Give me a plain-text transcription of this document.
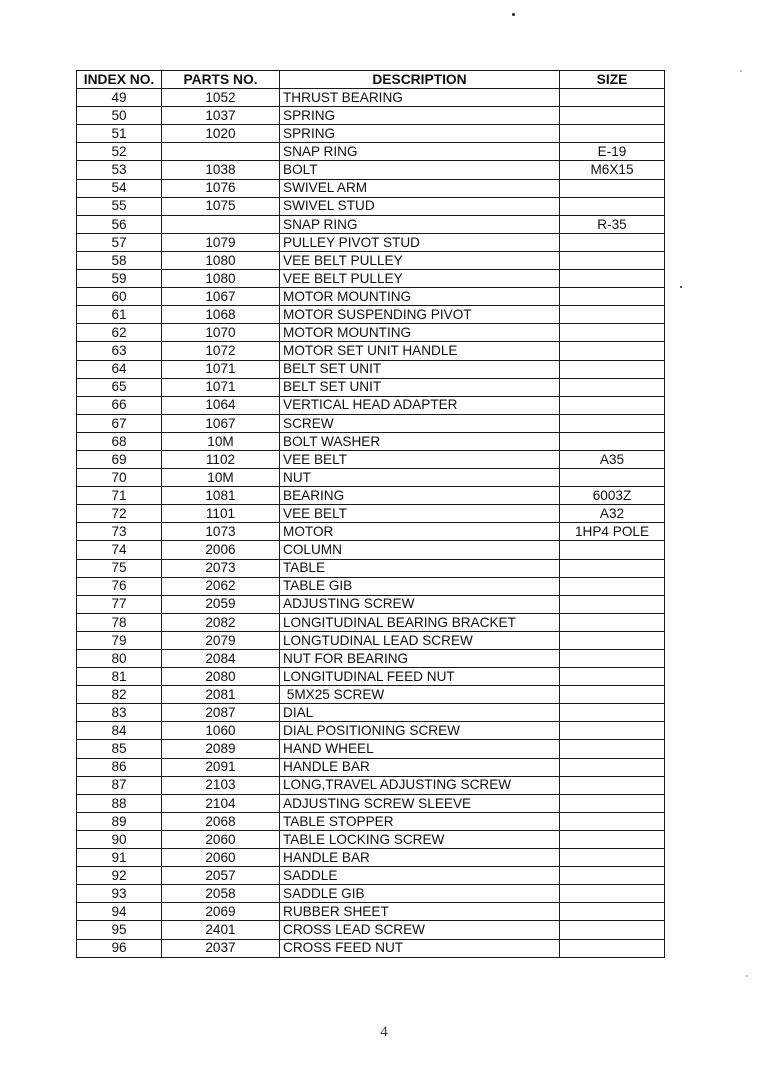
INDEX NO.	PARTS NO.	DESCRIPTION	SIZE
49	1052	THRUST BEARING	
50	1037	SPRING	
51	1020	SPRING	
52		SNAP RING	E-19
53	1038	BOLT	M6X15
54	1076	SWIVEL ARM	
55	1075	SWIVEL STUD	
56		SNAP RING	R-35
57	1079	PULLEY PIVOT STUD	
58	1080	VEE BELT PULLEY	
59	1080	VEE BELT PULLEY	
60	1067	MOTOR MOUNTING	
61	1068	MOTOR SUSPENDING PIVOT	
62	1070	MOTOR MOUNTING	
63	1072	MOTOR SET UNIT HANDLE	
64	1071	BELT SET UNIT	
65	1071	BELT SET UNIT	
66	1064	VERTICAL HEAD ADAPTER	
67	1067	SCREW	
68	10M	BOLT WASHER	
69	1102	VEE BELT	A35
70	10M	NUT	
71	1081	BEARING	6003Z
72	1101	VEE BELT	A32
73	1073	MOTOR	1HP4 POLE
74	2006	COLUMN	
75	2073	TABLE	
76	2062	TABLE GIB	
77	2059	ADJUSTING SCREW	
78	2082	LONGITUDINAL BEARING BRACKET	
79	2079	LONGTUDINAL LEAD SCREW	
80	2084	NUT FOR BEARING	
81	2080	LONGITUDINAL FEED NUT	
82	2081	5MX25 SCREW	
83	2087	DIAL	
84	1060	DIAL POSITIONING SCREW	
85	2089	HAND WHEEL	
86	2091	HANDLE BAR	
87	2103	LONG,TRAVEL ADJUSTING SCREW	
88	2104	ADJUSTING SCREW SLEEVE	
89	2068	TABLE STOPPER	
90	2060	TABLE LOCKING SCREW	
91	2060	HANDLE BAR	
92	2057	SADDLE	
93	2058	SADDLE GIB	
94	2069	RUBBER SHEET	
95	2401	CROSS LEAD SCREW	
96	2037	CROSS FEED NUT	
4
